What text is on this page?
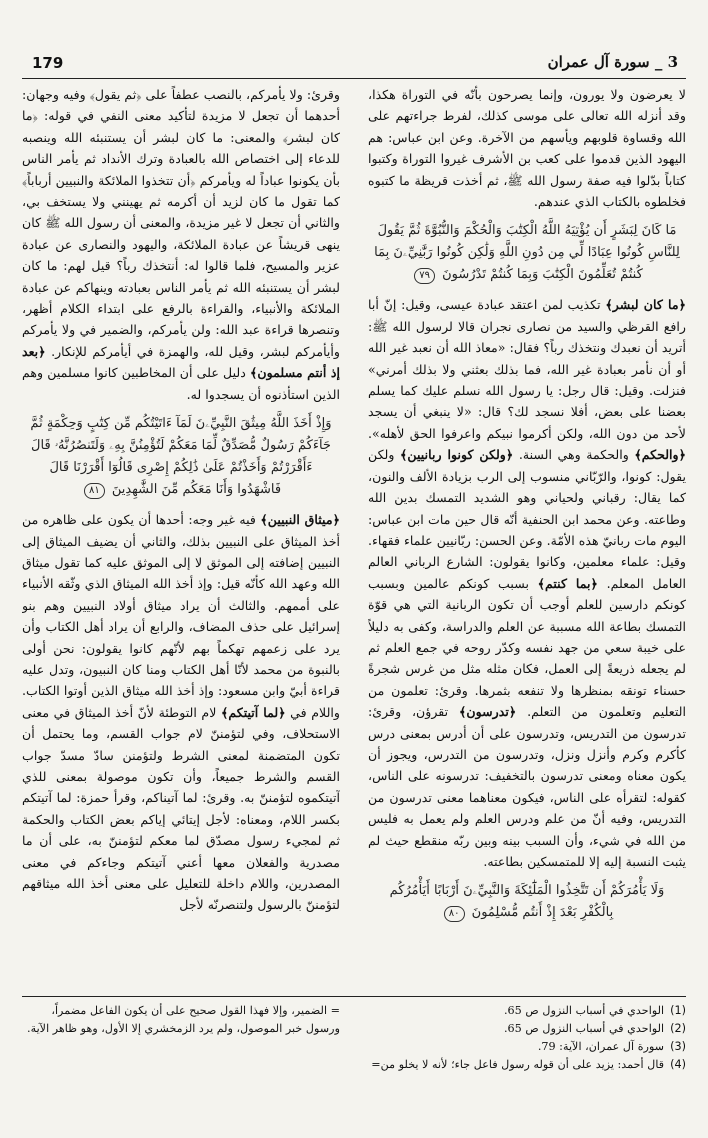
179	3 _ سورة آل عمران

لا يعرضون ولا يورون، وإنما يصرحون بأنّه في التوراة هكذا، وقد أنزله الله تعالى على موسى كذلك، لفرط جراءتهم على الله وقساوة قلوبهم ويأسهم من الآخرة. وعن ابن عباس: هم اليهود الذين قدموا على كعب بن الأشرف غيروا التوراة وكتبوا كتاباً بدّلوا فيه صفة رسول الله ﷺ، ثم أخذت قريظة ما كتبوه فخلطوه بالكتاب الذي عندهم.

مَا كَانَ لِبَشَرٍ أَن يُؤْتِيَهُ اللَّهُ الْكِتَٰبَ وَالْحُكْمَ وَالنُّبُوَّةَ ثُمَّ يَقُولَ لِلنَّاسِ كُونُوا عِبَادًا لِّي مِن دُونِ اللَّهِ وَلَٰكِن كُونُوا رَبَّٰنِيِّۦنَ بِمَا كُنتُمْ تُعَلِّمُونَ الْكِتَٰبَ وَبِمَا كُنتُمْ تَدْرُسُونَ ٧٩

﴿ما كان لبشر﴾ تكذيب لمن اعتقد عبادة عيسى، وقيل: إنّ أبا رافع القرظي والسيد من نصارى نجران قالا لرسول الله ﷺ: أتريد أن نعبدك ونتخذك رباً؟ فقال: «معاذ الله أن نعبد غير الله أو أن نأمر بعبادة غير الله، فما بذلك بعثني ولا بذلك أمرني» فنزلت. وقيل: قال رجل: يا رسول الله نسلم عليك كما يسلم بعضنا على بعض، أفلا نسجد لك؟ قال: «لا ينبغي أن يسجد لأحد من دون الله، ولكن أكرموا نبيكم واعرفوا الحق لأهله». ﴿والحكم﴾ والحكمة وهي السنة. ﴿ولكن كونوا ربانيين﴾ ولكن يقول: كونوا، والرّبّاني منسوب إلى الرب بزيادة الألف والنون، كما يقال: رقباني ولحياني وهو الشديد التمسك بدين الله وطاعته. وعن محمد ابن الحنفية أنّه قال حين مات ابن عباس: اليوم مات ربانيّ هذه الأمّة. وعن الحسن: ربّانيين علماء فقهاء. وقيل: علماء معلمين، وكانوا يقولون: الشارع الرباني العالم العامل المعلم. ﴿بما كنتم﴾ بسبب كونكم عالمين وبسبب كونكم دارسين للعلم أوجب أن تكون الربانية التي هي قوّة التمسك بطاعة الله مسببة عن العلم والدراسة، وكفى به دليلاً على خيبة سعي من جهد نفسه وكدّر روحه في جمع العلم ثم لم يجعله ذريعةً إلى العمل، فكان مثله مثل من غرس شجرةً حسناء تونقه بمنظرها ولا تنفعه بثمرها. وقرئ: تعلمون من التعليم وتعلمون من التعلم. ﴿تدرسون﴾ تقرؤن، وقرئ: تدرسون من التدريس، وتدرسون على أن أدرس بمعنى درس كأكرم وكرم وأنزل ونزل، وتدرسون من التدرس، ويجوز أن يكون معناه ومعنى تدرسون بالتخفيف: تدرسونه على الناس، كقوله: لتقرأه على الناس، فيكون معناهما معنى تدرسون من التدريس، وفيه أنّ من علم ودرس العلم ولم يعمل به فليس من الله في شيء، وأن السبب بينه وبين ربّه منقطع حيث لم يثبت النسبة إليه إلا للمتمسكين بطاعته.

وَلَا يَأْمُرَكُمْ أَن تَتَّخِذُوا الْمَلَٰٓئِكَةَ وَالنَّبِيِّۦنَ أَرْبَابًا أَيَأْمُرُكُم بِالْكُفْرِ بَعْدَ إِذْ أَنتُم مُّسْلِمُونَ ٨٠

وقرئ: ولا يأمركم، بالنصب عطفاً على ﴿ثم يقول﴾ وفيه وجهان: أحدهما أن تجعل لا مزيدة لتأكيد معنى النفي في قوله: ﴿ما كان لبشر﴾ والمعنى: ما كان لبشر أن يستنبئه الله وينصبه للدعاء إلى اختصاص الله بالعبادة وترك الأنداد ثم يأمر الناس بأن يكونوا عباداً له ويأمركم ﴿أن تتخذوا الملائكة والنبيين أرباباً﴾ كما تقول ما كان لزيد أن أكرمه ثم يهينني ولا يستخف بي، والثاني أن تجعل لا غير مزيدة، والمعنى أن رسول الله ﷺ كان ينهى قريشاً عن عبادة الملائكة، واليهود والنصارى عن عبادة عزير والمسيح، فلما قالوا له: أنتخذك رباً؟ قيل لهم: ما كان لبشر أن يستنبئه الله ثم يأمر الناس بعبادته وينهاكم عن عبادة الملائكة والأنبياء، والقراءة بالرفع على ابتداء الكلام أظهر، وتنصرها قراءة عبد الله: ولن يأمركم، والضمير في ولا يأمركم وأيأمركم لبشر، وقيل لله، والهمزة في أيأمركم للإنكار. ﴿بعد إذ أنتم مسلمون﴾ دليل على أن المخاطبين كانوا مسلمين وهم الذين استأذنوه أن يسجدوا له.

وَإِذْ أَخَذَ اللَّهُ مِيثَٰقَ النَّبِيِّۦنَ لَمَآ ءَاتَيْتُكُم مِّن كِتَٰبٍ وَحِكْمَةٍ ثُمَّ جَآءَكُمْ رَسُولٌ مُّصَدِّقٌ لِّمَا مَعَكُمْ لَتُؤْمِنُنَّ بِهِۦ وَلَتَنصُرُنَّهُۥ قَالَ ءَأَقْرَرْتُمْ وَأَخَذْتُمْ عَلَىٰ ذَٰلِكُمْ إِصْرِى قَالُوٓا أَقْرَرْنَا قَالَ فَاشْهَدُوا وَأَنَا مَعَكُم مِّنَ الشَّٰهِدِينَ ٨١

﴿ميثاق النبيين﴾ فيه غير وجه: أحدها أن يكون على ظاهره من أخذ الميثاق على النبيين بذلك، والثاني أن يضيف الميثاق إلى النبيين إضافته إلى الموثق لا إلى الموثق عليه كما تقول ميثاق الله وعهد الله كأنّه قيل: وإذ أخذ الله الميثاق الذي وثّقه الأنبياء على أممهم. والثالث أن يراد ميثاق أولاد النبيين وهم بنو إسرائيل على حذف المضاف، والرابع أن يراد أهل الكتاب وأن يرد على زعمهم تهكماً بهم لأنّهم كانوا يقولون: نحن أولى بالنبوة من محمد لأنّا أهل الكتاب ومنا كان النبيون، وتدل عليه قراءة أبيّ وابن مسعود: وإذ أخذ الله ميثاق الذين أوتوا الكتاب. واللام في ﴿لما آتيتكم﴾ لام التوطئة لأنّ أخذ الميثاق في معنى الاستحلاف، وفي لتؤمننّ لام جواب القسم، وما يحتمل أن تكون المتضمنة لمعنى الشرط ولتؤمنن سادّ مسدّ جواب القسم والشرط جميعاً، وأن تكون موصولة بمعنى للذي آتيتكموه لتؤمننّ به. وقرئ: لما آتيناكم، وقرأ حمزة: لما آتيتكم بكسر اللام، ومعناه: لأجل إيتائي إياكم بعض الكتاب والحكمة ثم لمجيء رسول مصدّق لما معكم لتؤمننّ به، على أن ما مصدرية والفعلان معها أعني آتيتكم وجاءكم في معنى المصدرين، واللام داخلة للتعليل على معنى أخذ الله ميثاقهم لتؤمننّ بالرسول ولتنصرنّه لأجل

(1)الواحدي في أسباب النزول ص 65.
(2)الواحدي في أسباب النزول ص 65.
(3)سورة آل عمران، الآية: 79.
(4)قال أحمد: يزيد على أن قوله رسول فاعل جاء؛ لأنه لا يخلو من=
= الضمير، وإلا فهذا القول صحيح على أن يكون الفاعل مضمراً، ورسول خبر الموصول، ولم يرد الزمخشري إلا الأول، وهو ظاهر الآية.
